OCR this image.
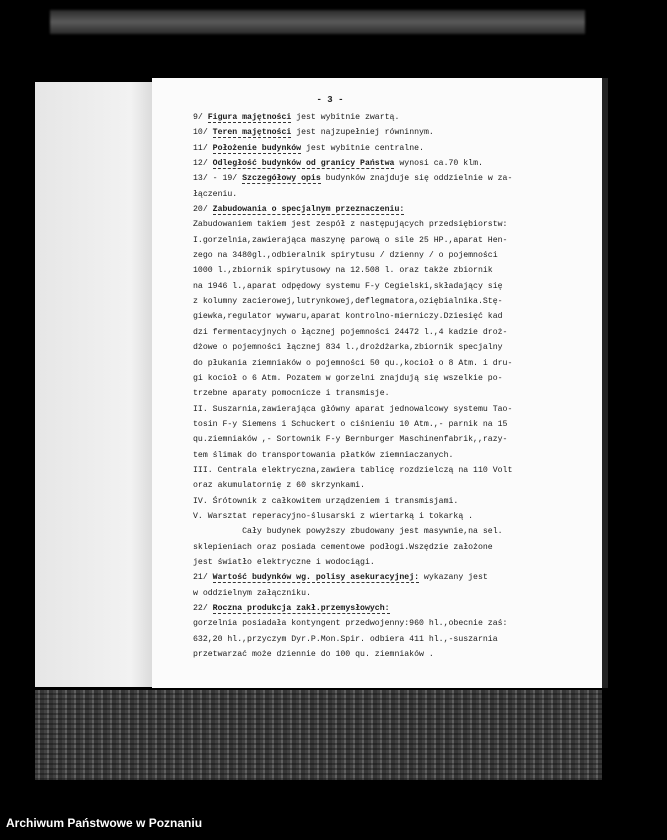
- 3 -
9/ Figura majętności jest wybitnie zwartą.
10/ Teren majętności jest najzupełniej równinnym.
11/ Położenie budynków jest wybitnie centralne.
12/ Odległość budynków od granicy Państwa wynosi ca.70 klm.
13/ - 19/ Szczegółowy opis budynków znajduje się oddzielnie w za-
łączeniu.
20/ Zabudowania o specjalnym przeznaczeniu:
Zabudowaniem takiem jest zespół z następujących przedsiębiorstw:
I.gorzelnia,zawierająca maszynę parową o sile 25 HP.,aparat Hen-
zego na 3480gl.,odbieralnik spirytusu / dzienny / o pojemności
1000 l.,zbiornik spirytusowy na 12.508 l. oraz także zbiornik
na 1946 l.,aparat odpędowy systemu F-y Cegielski,składający się
z kolumny zacierowej,lutrynkowej,deflegmatora,oziębialnika.Stę-
giewka,regulator wywaru,aparat kontrolno-mierniczy.Dziesięć kad
dzi fermentacyjnych o łącznej pojemności 24472 l.,4 kadzie droż-
dżowe o pojemności łącznej 834 l.,drożdżarka,zbiornik specjalny
do płukania ziemniaków o pojemności 50 qu.,kocioł o 8 Atm. i dru-
gi kocioł o 6 Atm. Pozatem w gorzelni znajdują się wszelkie po-
trzebne aparaty pomocnicze i transmisje.
II. Suszarnia,zawierająca główny aparat jednowalcowy systemu Tao-
tosin F-y Siemens i Schuckert o ciśnieniu 10 Atm.,- parnik na 15
qu.ziemniaków ,- Sortownik F-y Bernburger Maschinenfabrik,,razy-
tem ślimak do transportowania płatków ziemniaczanych.
III. Centrala elektryczna,zawiera tablicę rozdzielczą na 110 Volt
oraz akumulatornię z 60 skrzynkami.
IV. Śrótownik z całkowitem urządzeniem i transmisjami.
V. Warsztat reperacyjno-ślusarski z wiertarką i tokarką .
Cały budynek powyższy zbudowany jest masywnie,na sel.
sklepieniach oraz posiada cementowe podłogi.Wszędzie założone
jest światło elektryczne i wodociągi.
21/ Wartość budynków wg. polisy asekuracyjnej: wykazany jest
w oddzielnym załączniku.
22/ Roczna produkcja zakł.przemysłowych:
gorzelnia posiadała kontyngent przedwojenny:960 hl.,obecnie zaś:
632,20 hl.,przyczym Dyr.P.Mon.Spir. odbiera 411 hl.,-suszarnia
przetwarzać może dziennie do 100 qu. ziemniaków .
Archiwum Państwowe w Poznaniu
